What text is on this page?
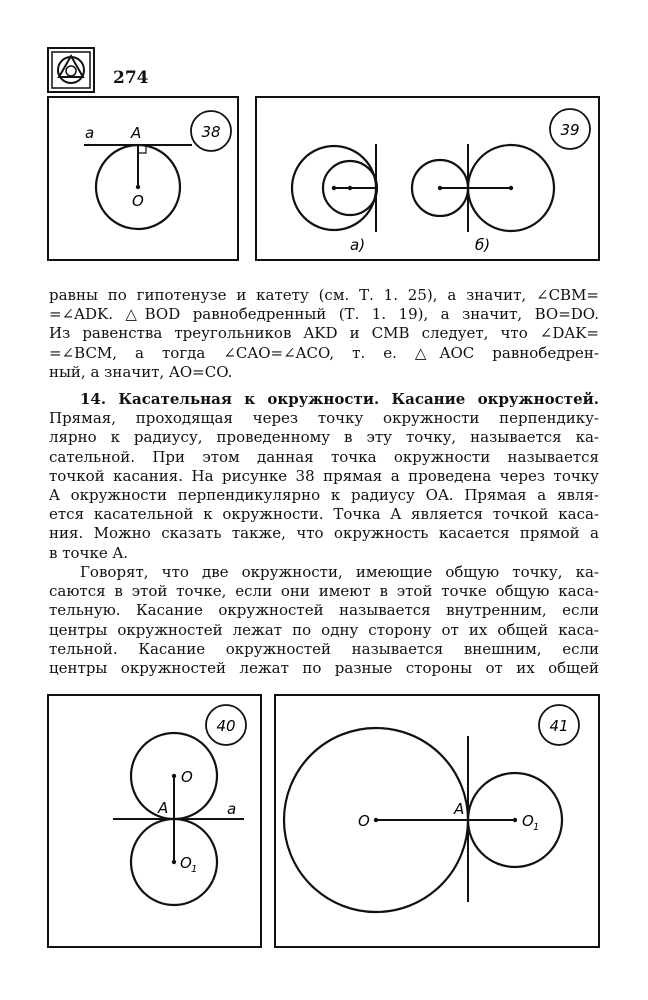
274
38
a A
O
а)	б)
39
равны по гипотенузе и катету (см. Т. 1. 25), а значит, ∠CBM=
=∠ADK. △BOD равнобедренный (Т. 1. 19), а значит, BO=DO.
Из равенства треугольников AKD и CMB следует, что ∠DAK=
=∠BCM, а тогда ∠CAO=∠ACO, т. е. △AOC равнобедрен-
ный, а значит, AO=CO.
14. Касательная к окружности. Касание окружностей.
Прямая, проходящая через точку окружности перпендику-
лярно к радиусу, проведенному в эту точку, называется ка-
сательной. При этом данная точка окружности называется
точкой касания. На рисунке 38 прямая a проведена через точку
A окружности перпендикулярно к радиусу OA. Прямая a явля-
ется касательной к окружности. Точка A является точкой каса-
ния. Можно сказать также, что окружность касается прямой a
в точке A.
Говорят, что две окружности, имеющие общую точку, ка-
саются в этой точке, если они имеют в этой точке общую каса-
тельную. Касание окружностей называется внутренним, если
центры окружностей лежат по одну сторону от их общей каса-
тельной. Касание окружностей называется внешним, если
центры окружностей лежат по разные стороны от их общей
40
O
A	a
O 1
41
O
A
O 1
